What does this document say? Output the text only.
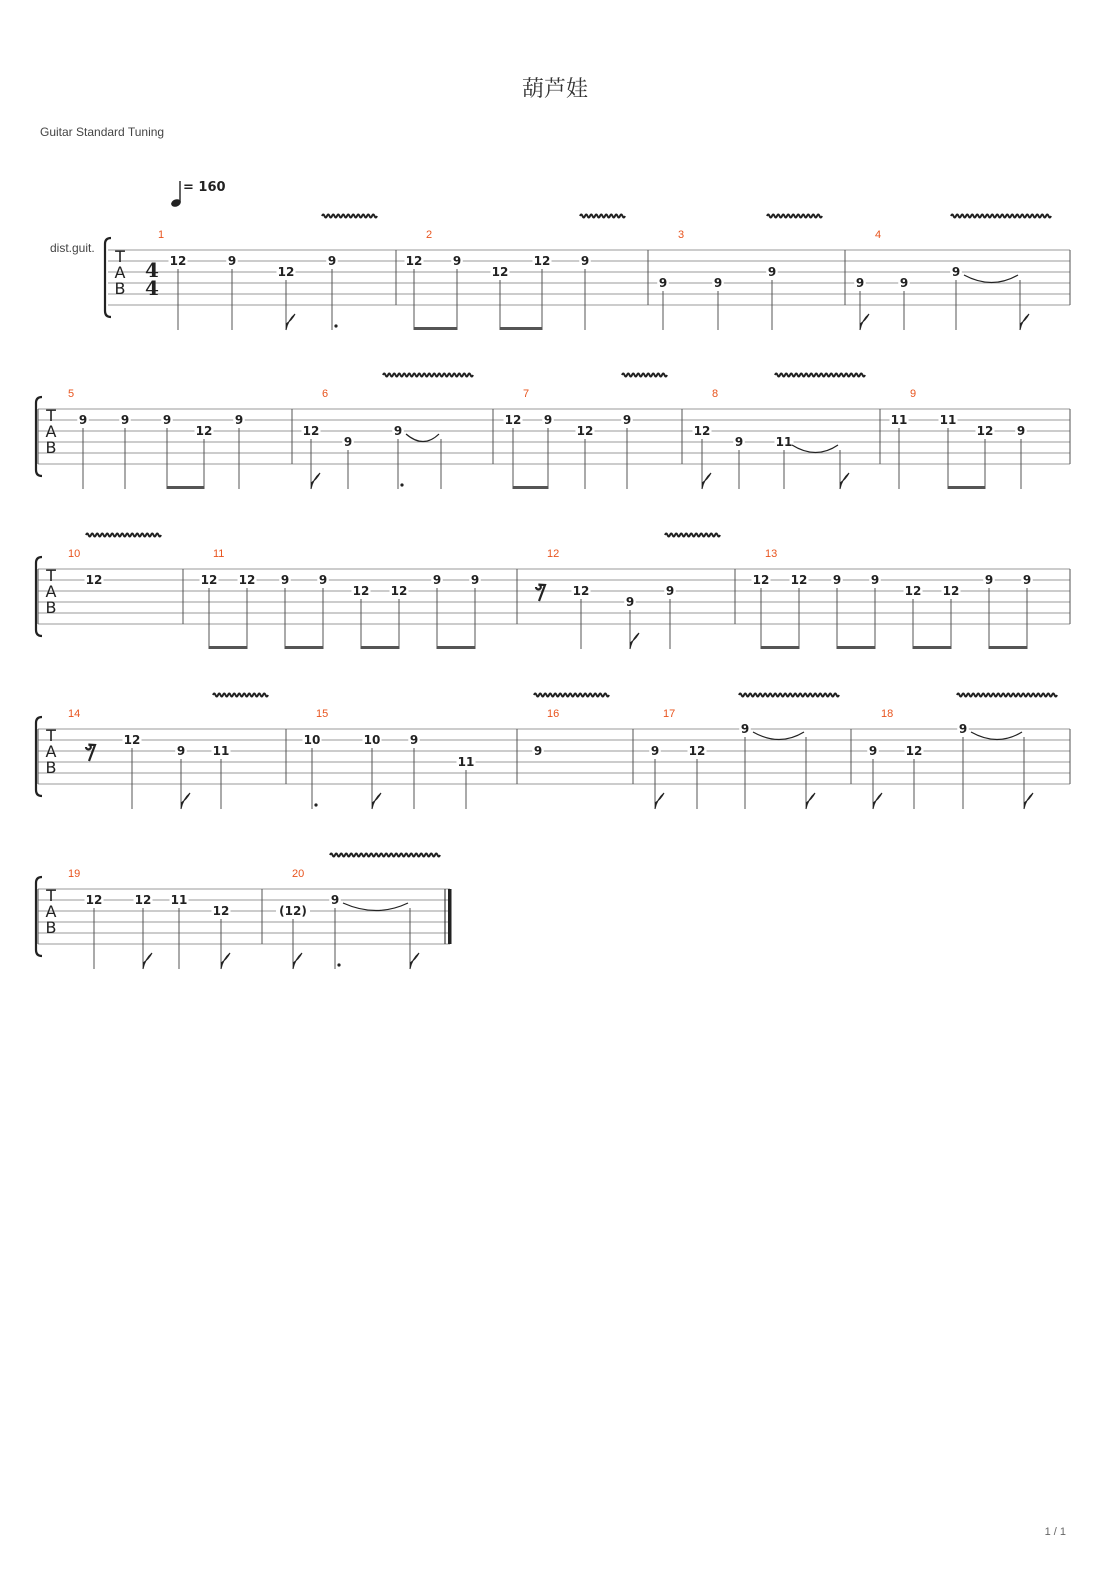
葫芦娃
Guitar Standard Tuning
dist.guit.
= 160
1 / 1
T
A
B
4
4
1
12	9
12
9
2
12	9
12
12	9
3
9	9
9
4
9	9
9
T
A
B
5
9	9	9
12
9
6
12
9
9
7
12 9
12
9
8
12
9	11
9
11	11
12 9
T
A
B
10
12
11
12 12 9 9
12 12
9 9
12
12
9
9
13
12 12 9 9
12 12
9 9
T
A
B
14
12
9 11
15
10	10 9
11
16
9
17
9 12
9
18
9 12
9
T
A
B
19
12	12 11
12
20
(12)
9
